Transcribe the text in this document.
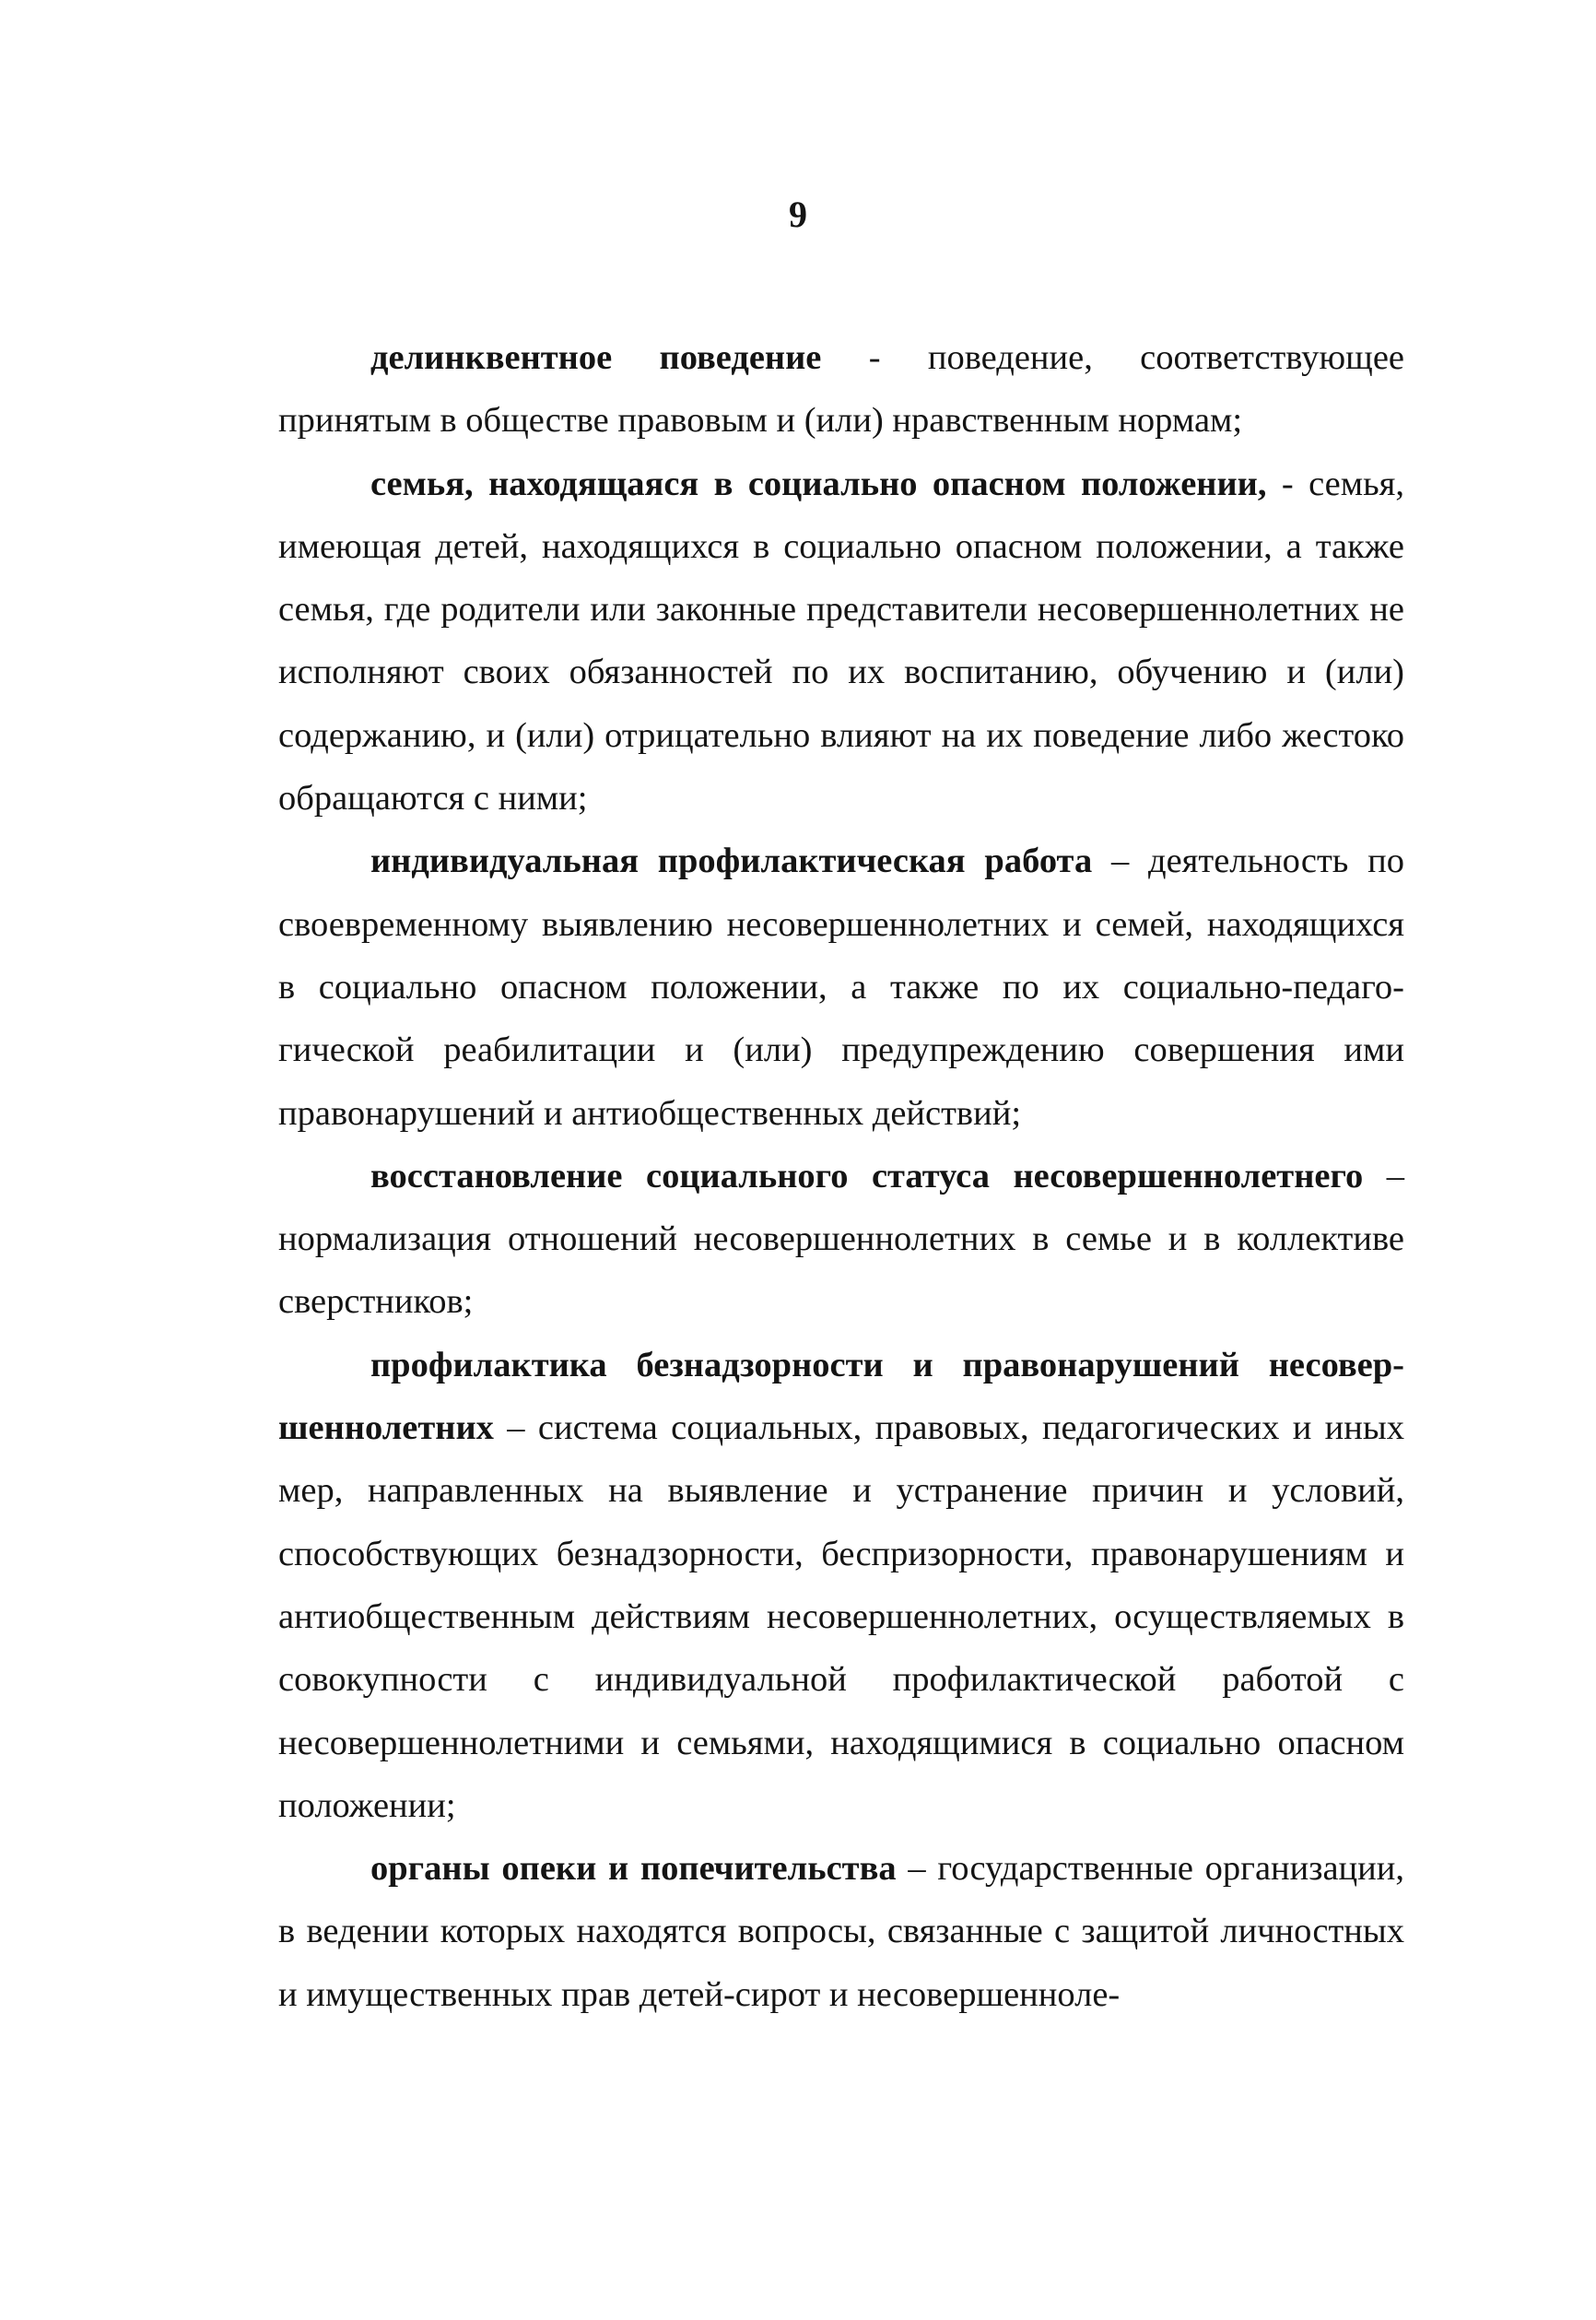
9

делинквентное поведение - поведение, соответствующее принятым в обществе правовым и (или) нравственным нормам;

семья, находящаяся в социально опасном положении, - семья, имеющая детей, находящихся в социально опасном положении, а также семья, где родители или законные представители несовершеннолетних не исполняют своих обязанностей по их воспитанию, обучению и (или) содержанию, и (или) отрицательно влияют на их поведение либо жестоко обращаются с ними;

индивидуальная профилактическая работа – деятельность по своевременному выявлению несовершеннолетних и семей, находящихся в социально опасном положении, а также по их социально-педагогической реабилитации и (или) предупреждению совершения ими правонарушений и антиобщественных действий;

восстановление социального статуса несовершеннолетнего – нормализация отношений несовершеннолетних в семье и в коллективе сверстников;

профилактика безнадзорности и правонарушений несовершеннолетних – система социальных, правовых, педагогических и иных мер, направленных на выявление и устранение причин и условий, способствующих безнадзорности, беспризорности, правонарушениям и антиобщественным действиям несовершеннолетних, осуществляемых в совокупности с индивидуальной профилактической работой с несовершеннолетними и семьями, находящимися в социально опасном положении;

органы опеки и попечительства – государственные организации, в ведении которых находятся вопросы, связанные с защитой личностных и имущественных прав детей-сирот и несовершенноле-
